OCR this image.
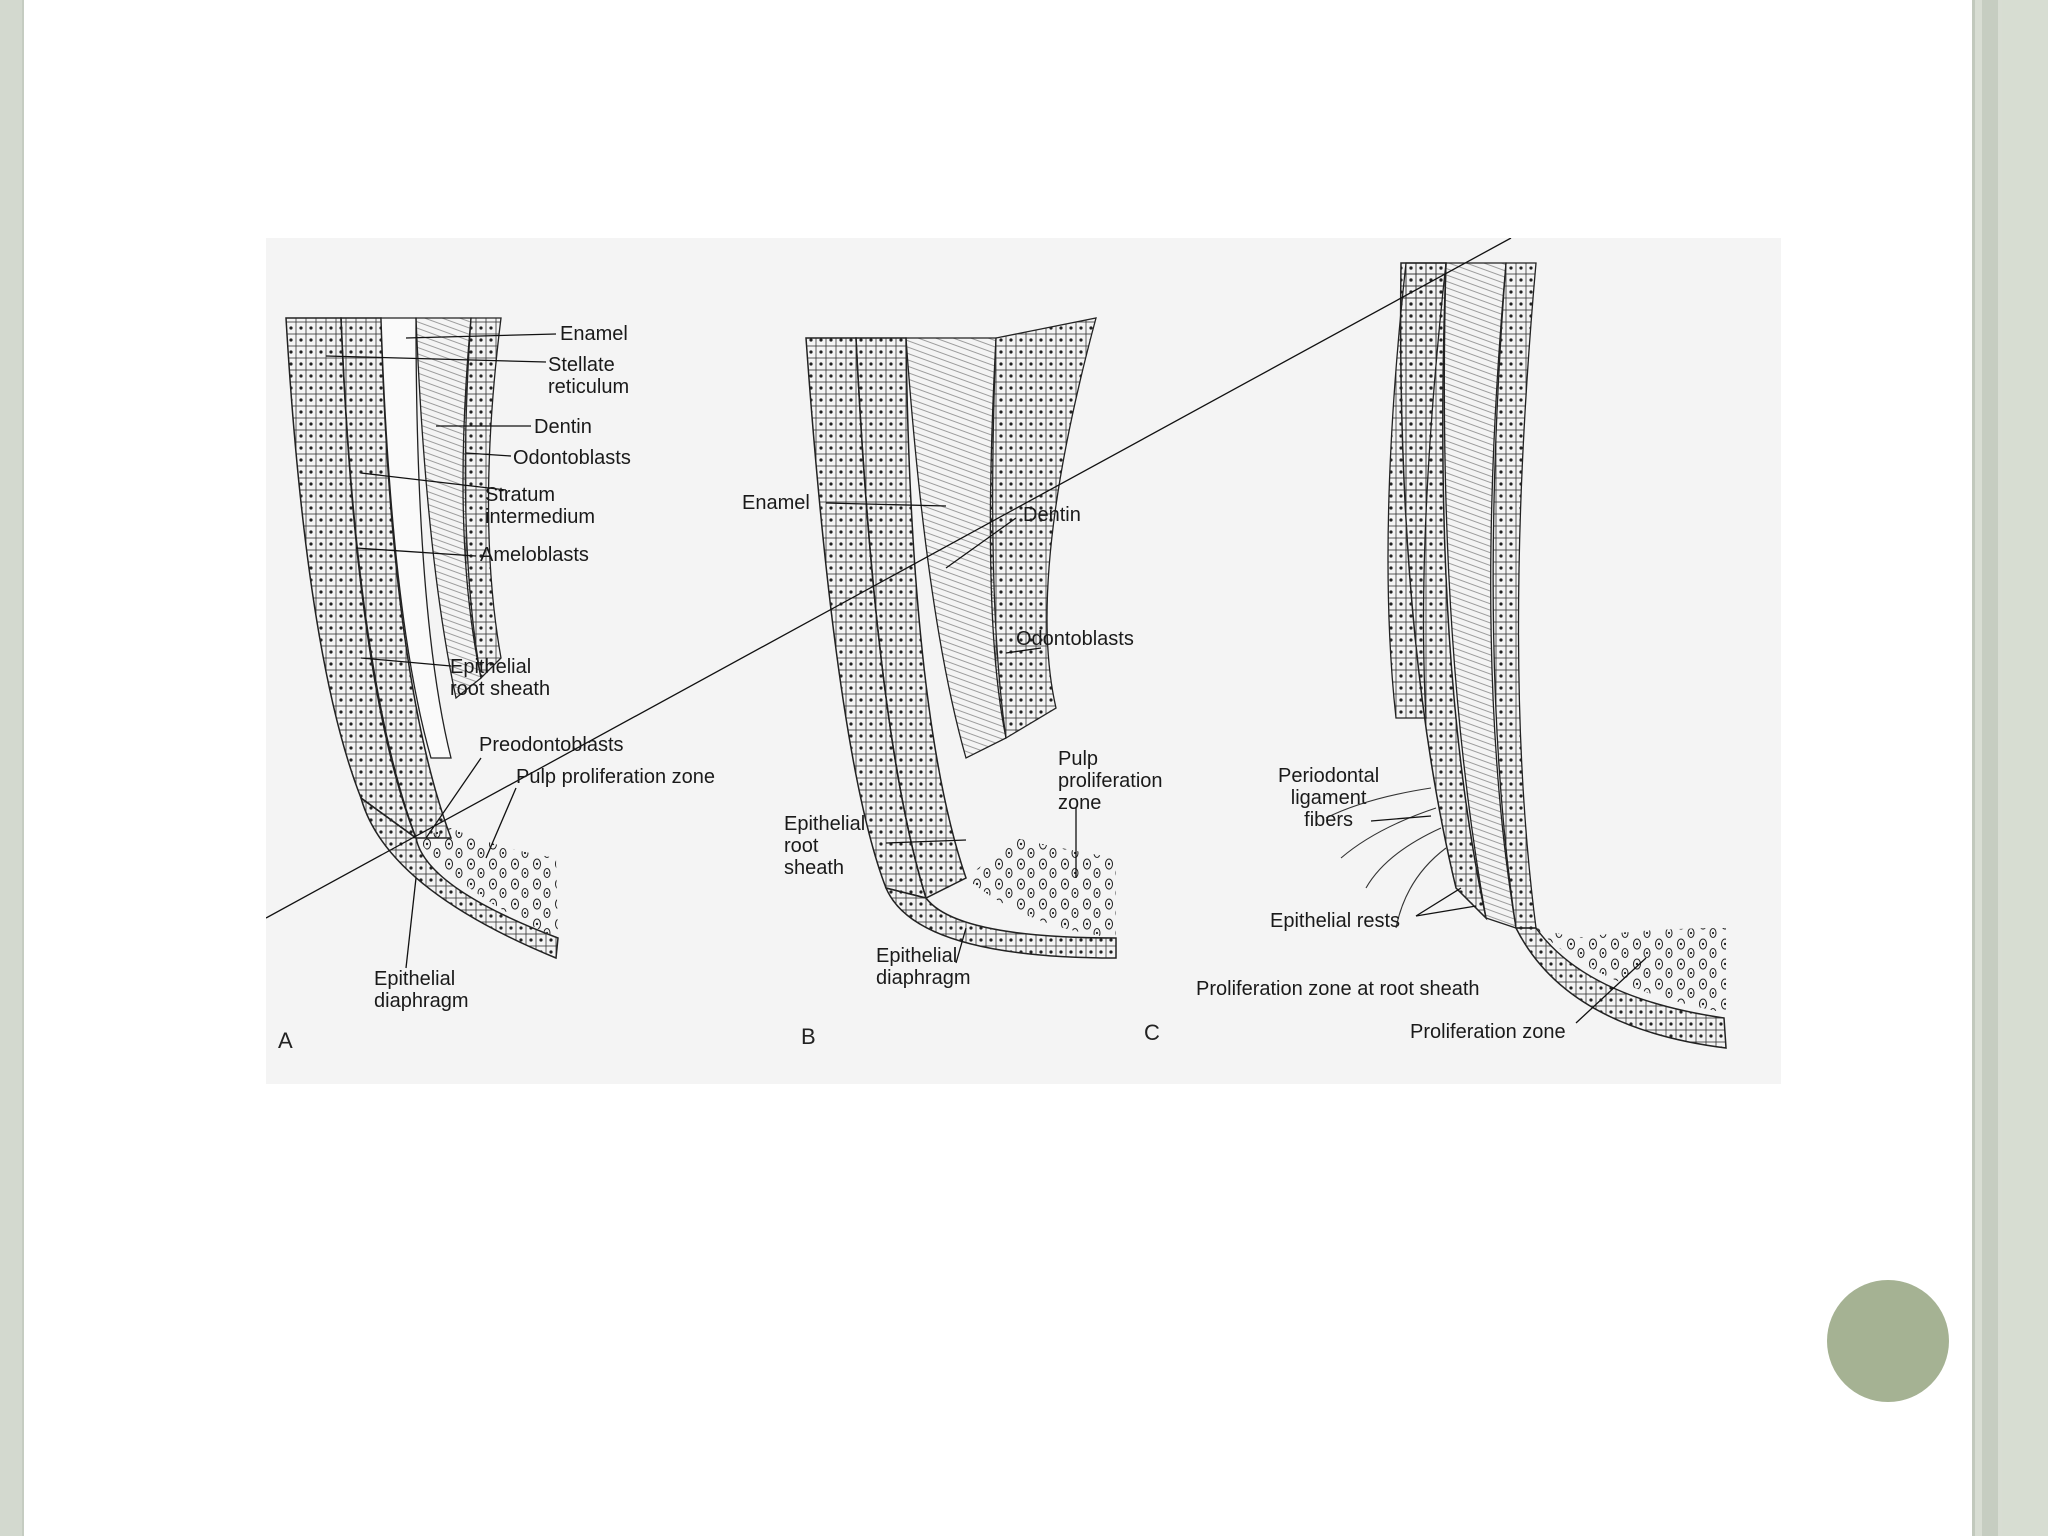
Enamel
Stellate
reticulum
Dentin
Odontoblasts
Stratum
intermedium
Ameloblasts
Epithelial
root sheath
Preodontoblasts
Pulp proliferation zone
Epithelial
diaphragm
A
Enamel
Dentin
Odontoblasts
Pulp
proliferation
zone
Epithelial
root
sheath
Epithelial
diaphragm
B
Periodontal
ligament
fibers
Epithelial rests
Proliferation zone at root sheath
Proliferation zone
C
